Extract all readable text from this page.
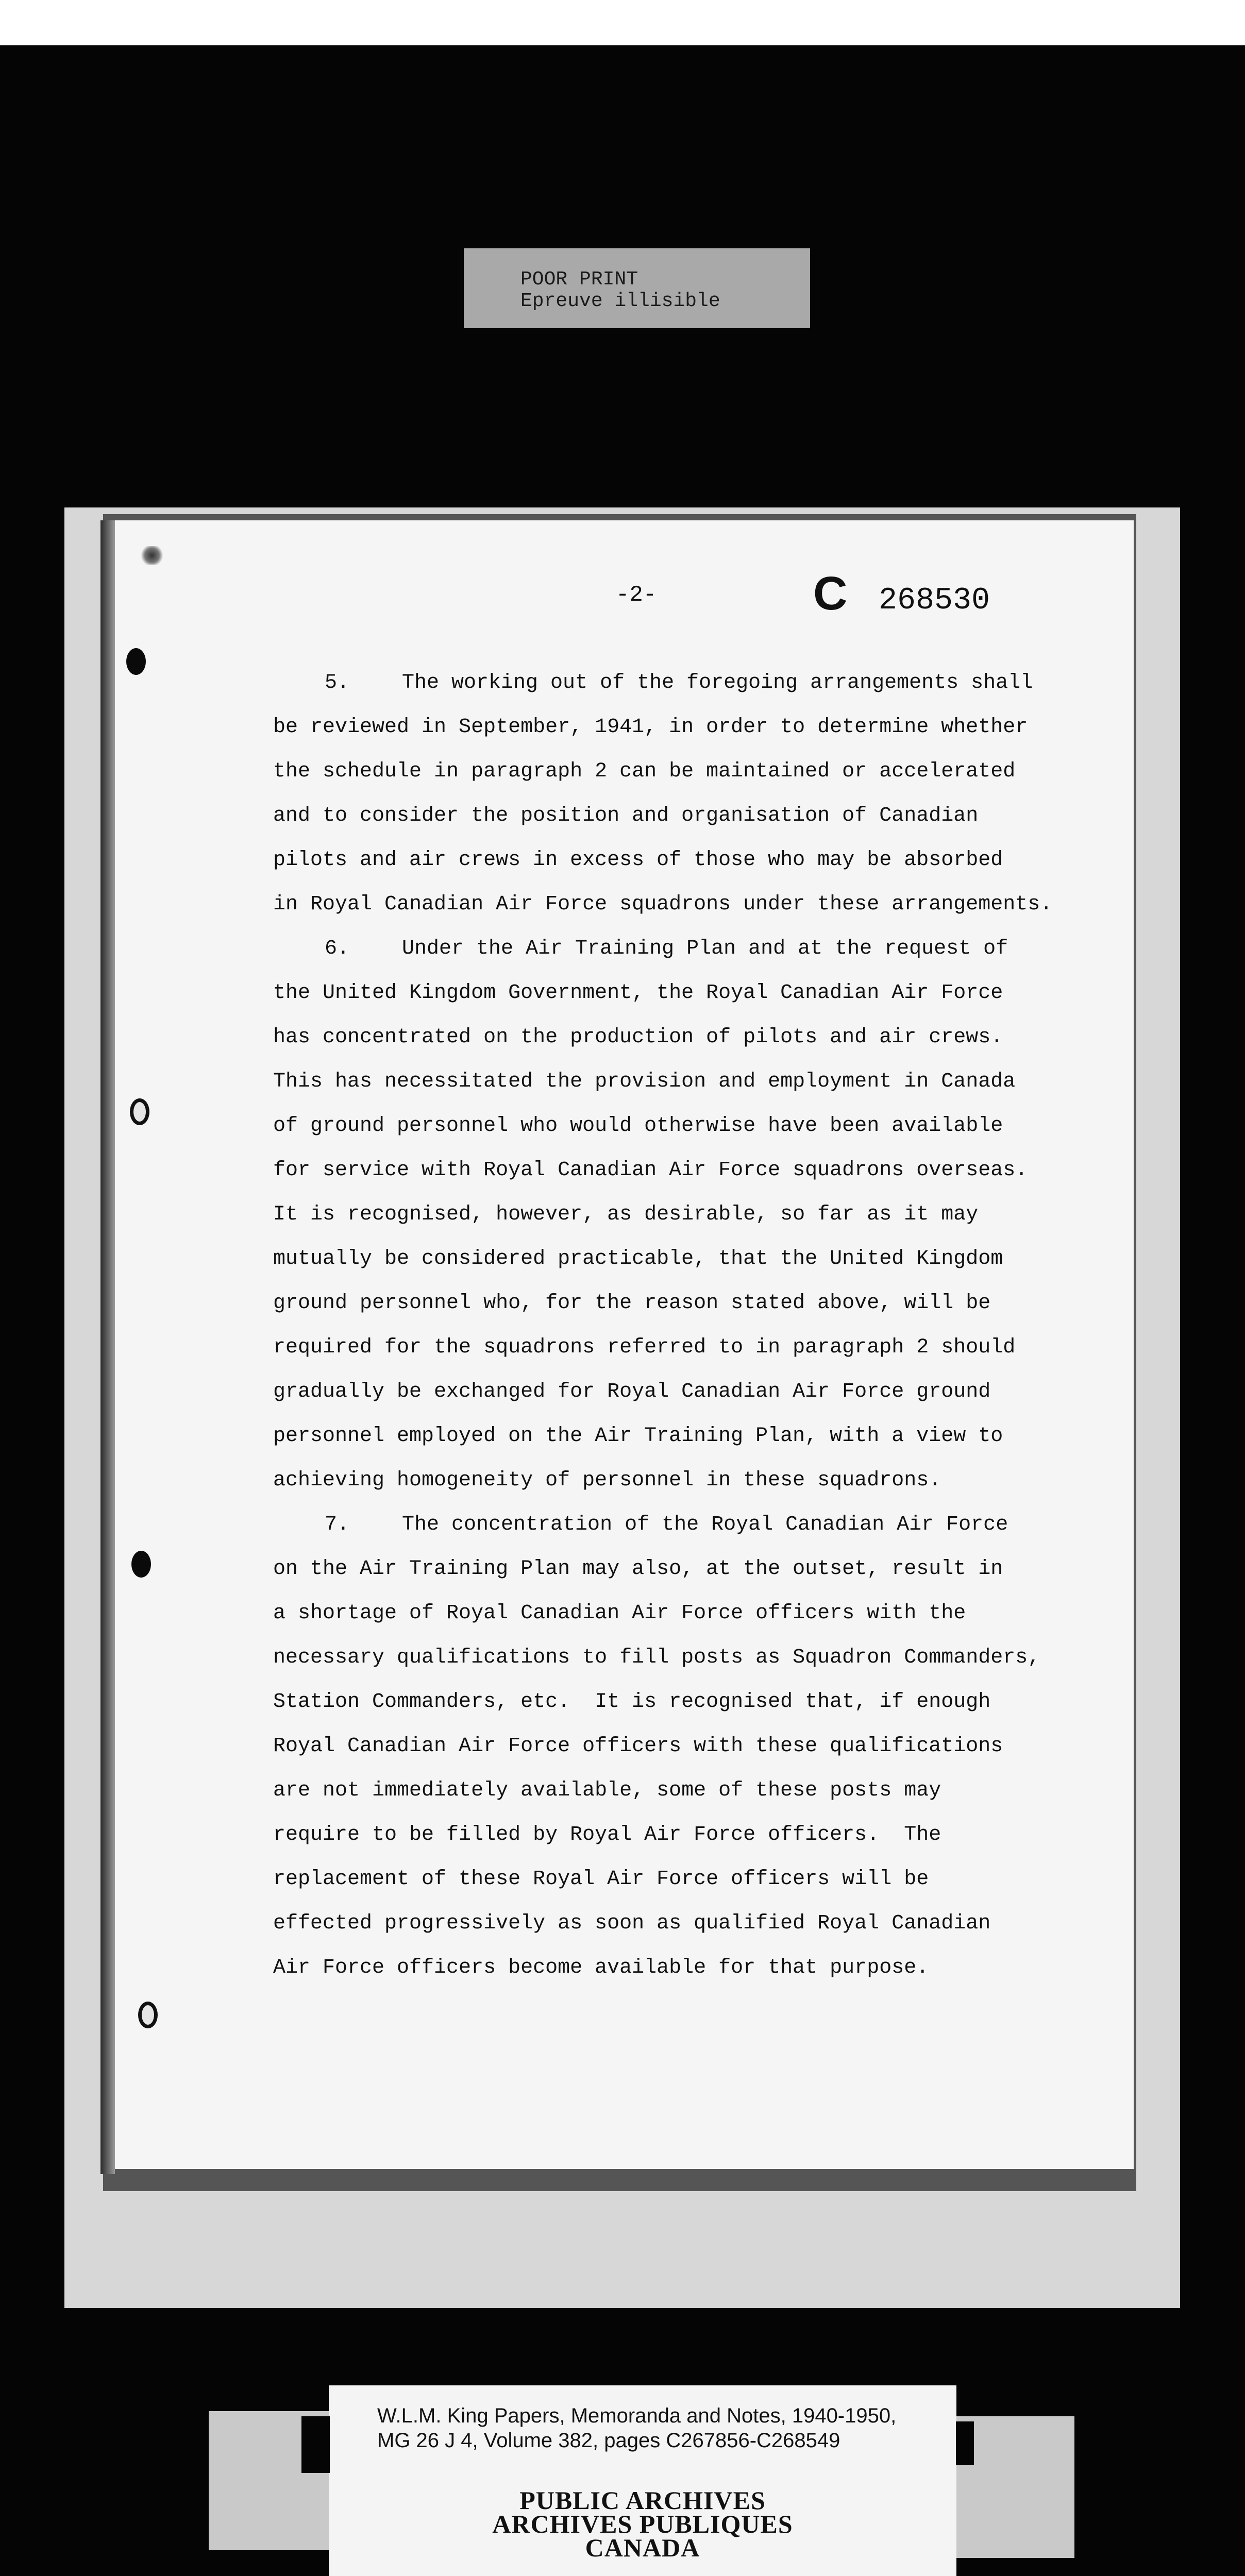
POOR PRINT
Epreuve illisible
-2-	C 268530
5.	The working out of the foregoing arrangements shall
be reviewed in September, 1941, in order to determine whether
the schedule in paragraph 2 can be maintained or accelerated
and to consider the position and organisation of Canadian
pilots and air crews in excess of those who may be absorbed
in Royal Canadian Air Force squadrons under these arrangements.
6.	Under the Air Training Plan and at the request of
the United Kingdom Government, the Royal Canadian Air Force
has concentrated on the production of pilots and air crews.
This has necessitated the provision and employment in Canada
of ground personnel who would otherwise have been available
for service with Royal Canadian Air Force squadrons overseas.
It is recognised, however, as desirable, so far as it may
mutually be considered practicable, that the United Kingdom
ground personnel who, for the reason stated above, will be
required for the squadrons referred to in paragraph 2 should
gradually be exchanged for Royal Canadian Air Force ground
personnel employed on the Air Training Plan, with a view to
achieving homogeneity of personnel in these squadrons.
7.	The concentration of the Royal Canadian Air Force
on the Air Training Plan may also, at the outset, result in
a shortage of Royal Canadian Air Force officers with the
necessary qualifications to fill posts as Squadron Commanders,
Station Commanders, etc.  It is recognised that, if enough
Royal Canadian Air Force officers with these qualifications
are not immediately available, some of these posts may
require to be filled by Royal Air Force officers.  The
replacement of these Royal Air Force officers will be
effected progressively as soon as qualified Royal Canadian
Air Force officers become available for that purpose.
W.L.M. King Papers, Memoranda and Notes, 1940-1950,
MG 26 J 4, Volume 382, pages C267856-C268549
PUBLIC ARCHIVES
ARCHIVES PUBLIQUES
CANADA
